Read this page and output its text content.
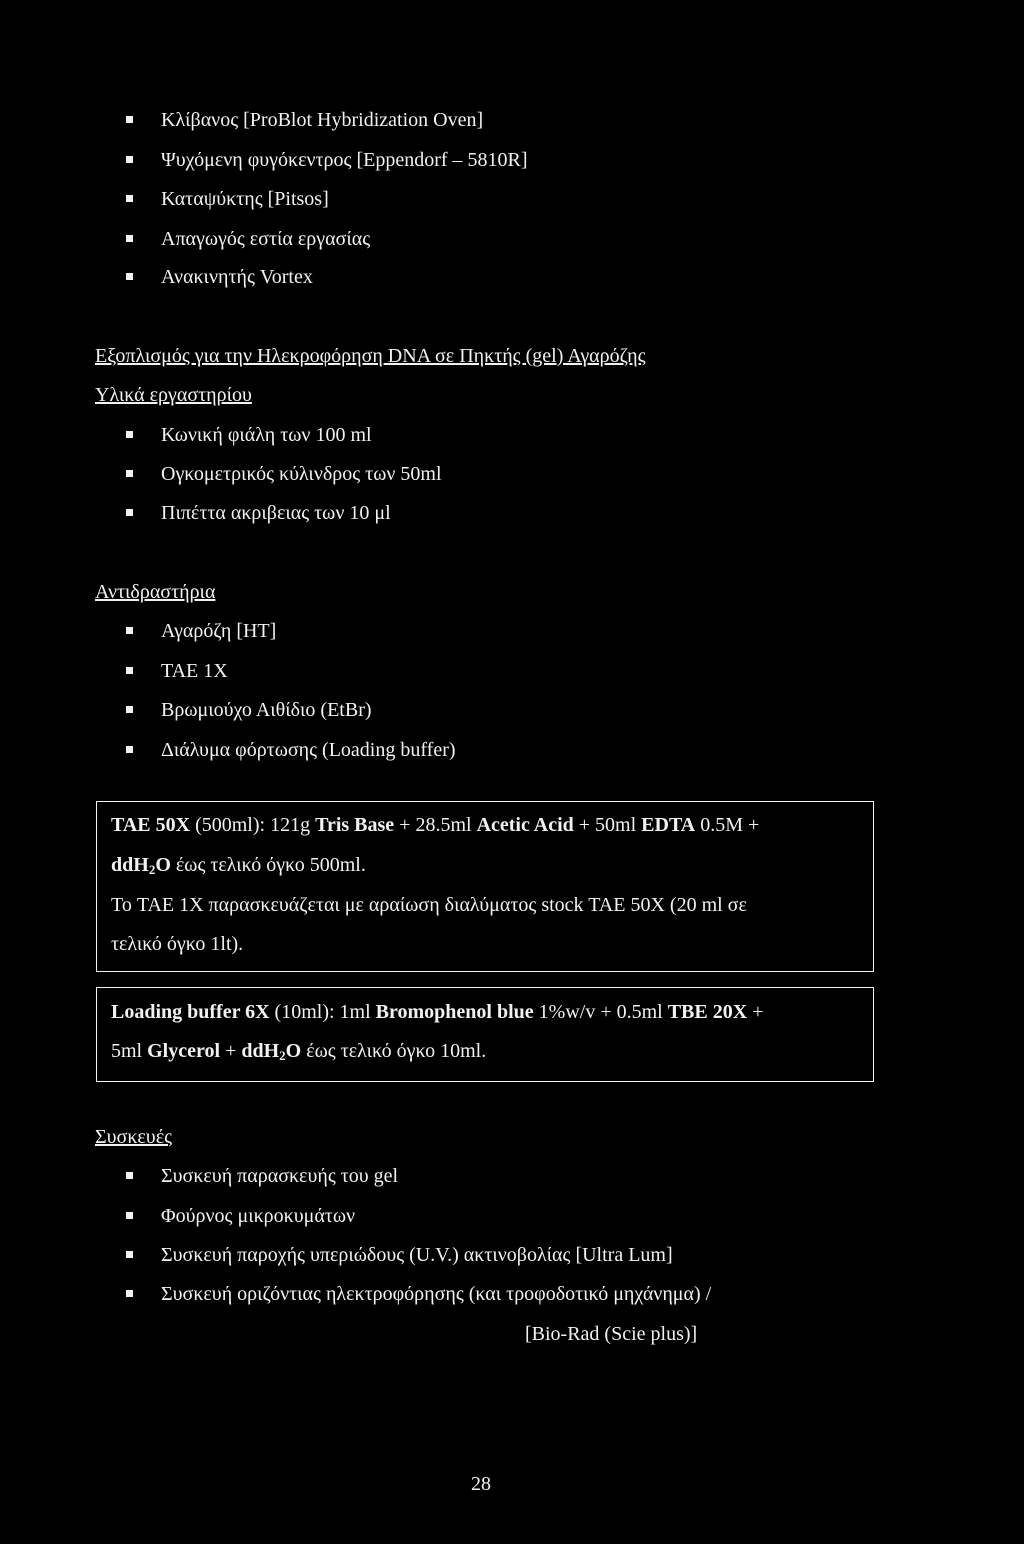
Κλίβανος [ProBlot Hybridization Oven]
Ψυχόμενη φυγόκεντρος [Eppendorf – 5810R]
Καταψύκτης [Pitsos]
Απαγωγός εστία εργασίας
Ανακινητής Vortex
Εξοπλισμός για την Ηλεκροφόρηση DNA σε Πηκτής (gel) Αγαρόζης
Υλικά εργαστηρίου
Κωνική φιάλη των 100 ml
Ογκομετρικός κύλινδρος των 50ml
Πιπέττα ακριβειας των 10 μl
Αντιδραστήρια
Αγαρόζη [HT]
TAE 1X
Βρωμιούχο Αιθίδιο (EtBr)
Διάλυμα φόρτωσης (Loading buffer)

TAE 50X (500ml): 121g Tris Base + 28.5ml Acetic Acid + 50ml EDTA 0.5M +

ddH$_2$O έως τελικό όγκο 500ml.

Το TAE 1X παρασκευάζεται με αραίωση διαλύματος stock TAE 50X (20 ml σε

τελικό όγκο 1lt).

Loading buffer 6X (10ml): 1ml Bromophenol blue 1%w/v + 0.5ml TBE 20X +

5ml Glycerol + ddH$_2$O έως τελικό όγκο 10ml.

Συσκευές
Συσκευή παρασκευής του gel
Φούρνος μικροκυμάτων
Συσκευή παροχής υπεριώδους (U.V.) ακτινοβολίας [Ultra Lum]
Συσκευή οριζόντιας ηλεκτροφόρησης (και τροφοδοτικό μηχάνημα) /
[Bio-Rad (Scie plus)]
28
